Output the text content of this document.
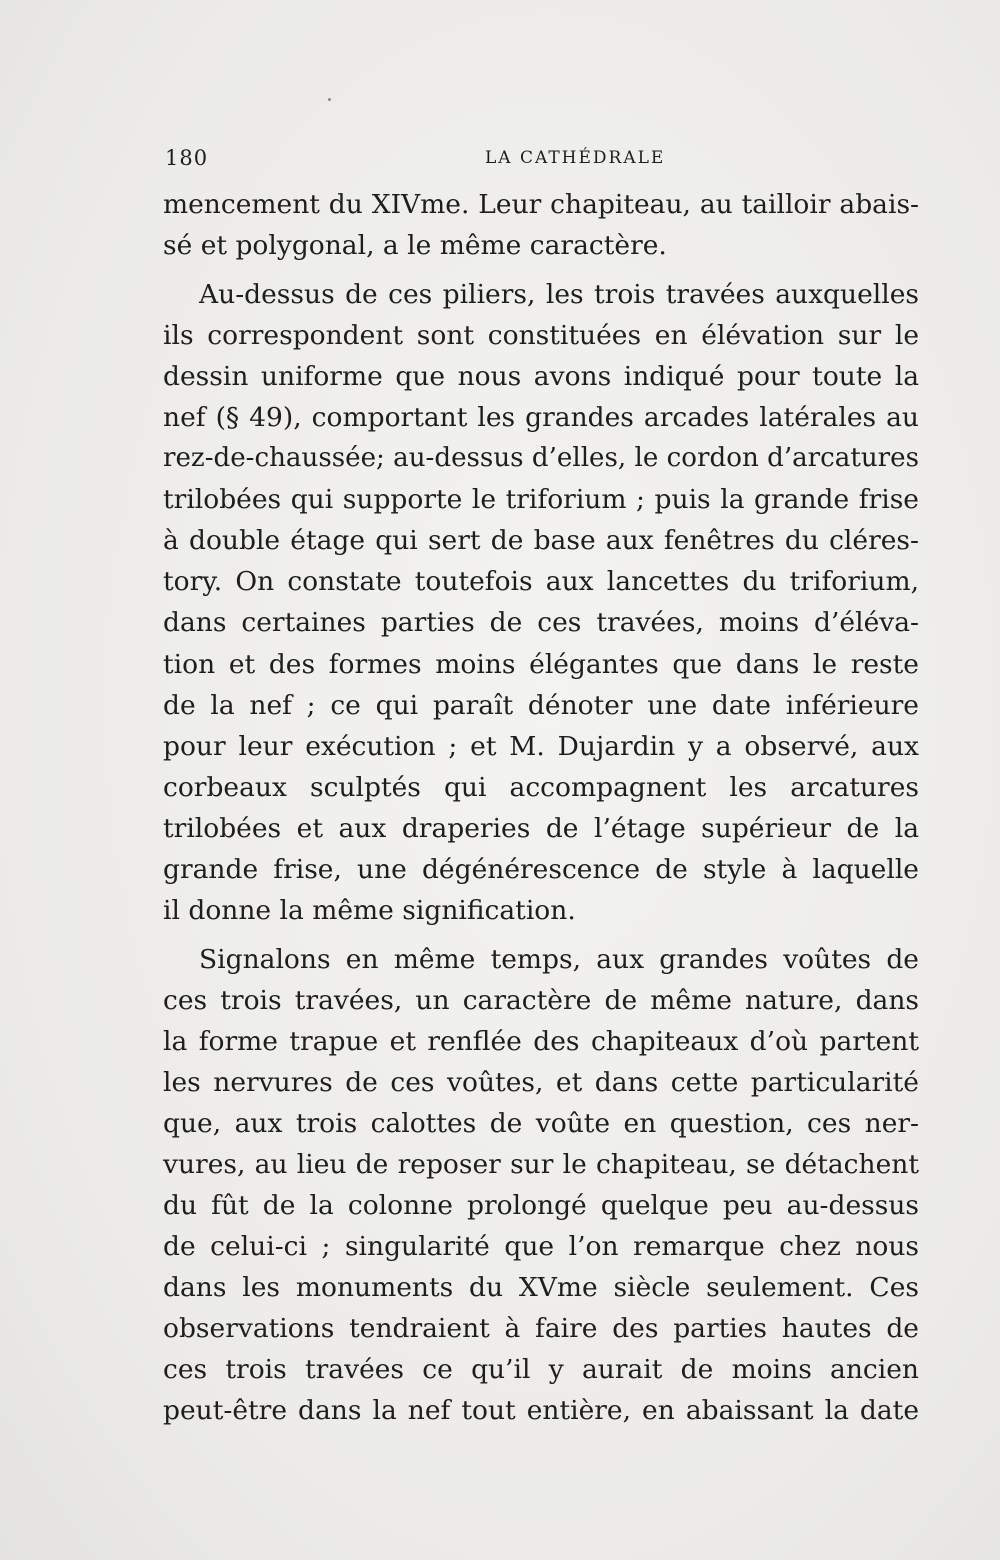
180	LA CATHÉDRALE
mencement du XIVme. Leur chapiteau, au tailloir abais-
sé et polygonal, a le même caractère.
Au-dessus de ces piliers, les trois travées auxquelles
ils correspondent sont constituées en élévation sur le
dessin uniforme que nous avons indiqué pour toute la
nef (§ 49), comportant les grandes arcades latérales au
rez-de-chaussée; au-dessus d’elles, le cordon d’arcatures
trilobées qui supporte le triforium ; puis la grande frise
à double étage qui sert de base aux fenêtres du cléres-
tory. On constate toutefois aux lancettes du triforium,
dans certaines parties de ces travées, moins d’éléva-
tion et des formes moins élégantes que dans le reste
de la nef ; ce qui paraît dénoter une date inférieure
pour leur exécution ; et M. Dujardin y a observé, aux
corbeaux sculptés qui accompagnent les arcatures
trilobées et aux draperies de l’étage supérieur de la
grande frise, une dégénérescence de style à laquelle
il donne la même signification.
Signalons en même temps, aux grandes voûtes de
ces trois travées, un caractère de même nature, dans
la forme trapue et renflée des chapiteaux d’où partent
les nervures de ces voûtes, et dans cette particularité
que, aux trois calottes de voûte en question, ces ner-
vures, au lieu de reposer sur le chapiteau, se détachent
du fût de la colonne prolongé quelque peu au-dessus
de celui-ci ; singularité que l’on remarque chez nous
dans les monuments du XVme siècle seulement. Ces
observations tendraient à faire des parties hautes de
ces trois travées ce qu’il y aurait de moins ancien
peut-être dans la nef tout entière, en abaissant la date
